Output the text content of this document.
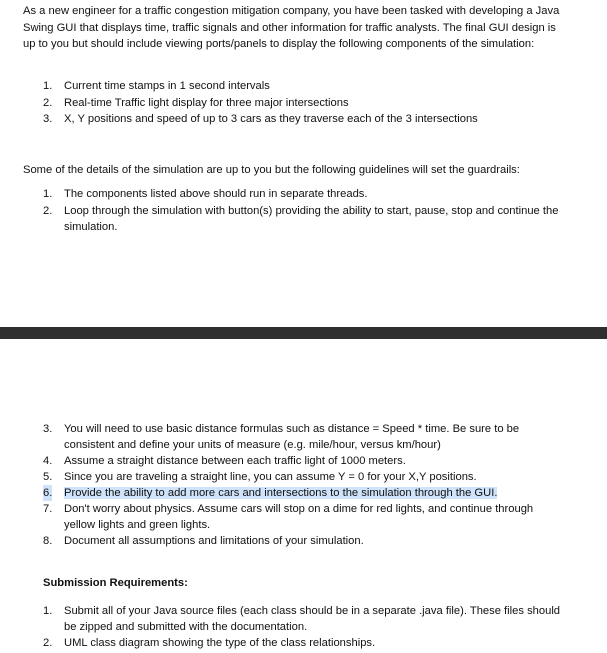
As a new engineer for a traffic congestion mitigation company, you have been tasked with developing a Java Swing GUI that displays time, traffic signals and other information for traffic analysts. The final GUI design is up to you but should include viewing ports/panels to display the following components of the simulation:
1. Current time stamps in 1 second intervals
2. Real-time Traffic light display for three major intersections
3. X, Y positions and speed of up to 3 cars as they traverse each of the 3 intersections
Some of the details of the simulation are up to you but the following guidelines will set the guardrails:
1. The components listed above should run in separate threads.
2. Loop through the simulation with button(s) providing the ability to start, pause, stop and continue the simulation.
3. You will need to use basic distance formulas such as distance = Speed * time. Be sure to be consistent and define your units of measure (e.g. mile/hour, versus km/hour)
4. Assume a straight distance between each traffic light of 1000 meters.
5. Since you are traveling a straight line, you can assume Y = 0 for your X,Y positions.
6. Provide the ability to add more cars and intersections to the simulation through the GUI.
7. Don't worry about physics. Assume cars will stop on a dime for red lights, and continue through yellow lights and green lights.
8. Document all assumptions and limitations of your simulation.
Submission Requirements:
1. Submit all of your Java source files (each class should be in a separate .java file). These files should be zipped and submitted with the documentation.
2. UML class diagram showing the type of the class relationships.
